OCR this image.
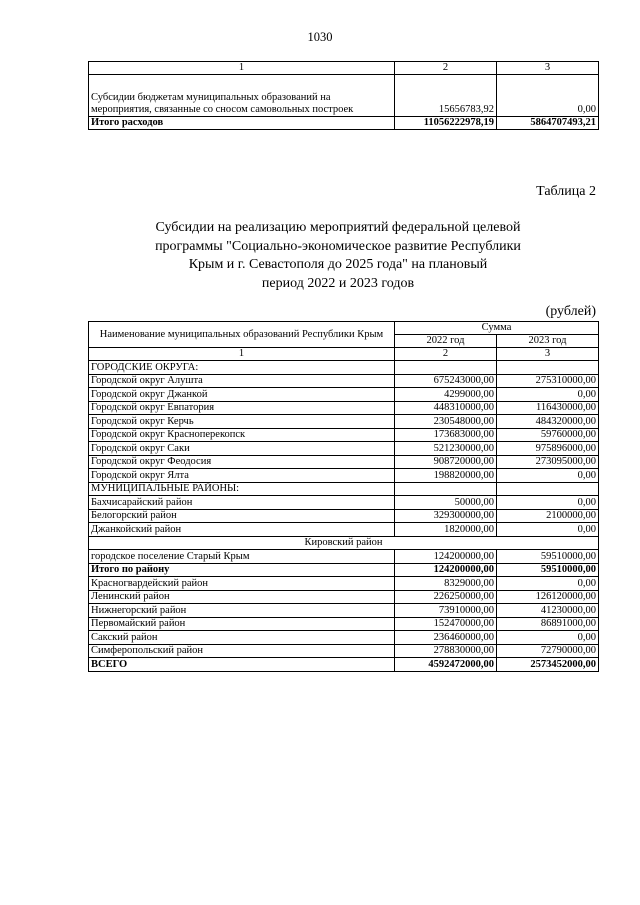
1030
1	2	3
Субсидии бюджетам муниципальных образований на мероприятия, связанные со сносом самовольных построек	15656783,92	0,00
Итого расходов	11056222978,19	5864707493,21
Таблица 2
Субсидии на реализацию мероприятий федеральной целевой
программы "Социально-экономическое развитие Республики
Крым и г. Севастополя до 2025 года" на плановый
период 2022 и 2023 годов
(рублей)
Наименование муниципальных образований Республики Крым	Сумма	
	2022 год	2023 год
1	2	3
ГОРОДСКИЕ ОКРУГА:		
Городской округ Алушта	675243000,00	275310000,00
Городской округ Джанкой	4299000,00	0,00
Городской округ Евпатория	448310000,00	116430000,00
Городской округ Керчь	230548000,00	484320000,00
Городской округ Красноперекопск	173683000,00	59760000,00
Городской округ Саки	521230000,00	975896000,00
Городской округ Феодосия	908720000,00	273095000,00
Городской округ Ялта	198820000,00	0,00
МУНИЦИПАЛЬНЫЕ РАЙОНЫ:		
Бахчисарайский район	50000,00	0,00
Белогорский район	329300000,00	2100000,00
Джанкойский район	1820000,00	0,00
Кировский район		
городское поселение Старый Крым	124200000,00	59510000,00
Итого по району	124200000,00	59510000,00
Красногвардейский район	8329000,00	0,00
Ленинский район	226250000,00	126120000,00
Нижнегорский район	73910000,00	41230000,00
Первомайский район	152470000,00	86891000,00
Сакский район	236460000,00	0,00
Симферопольский район	278830000,00	72790000,00
ВСЕГО	4592472000,00	2573452000,00
